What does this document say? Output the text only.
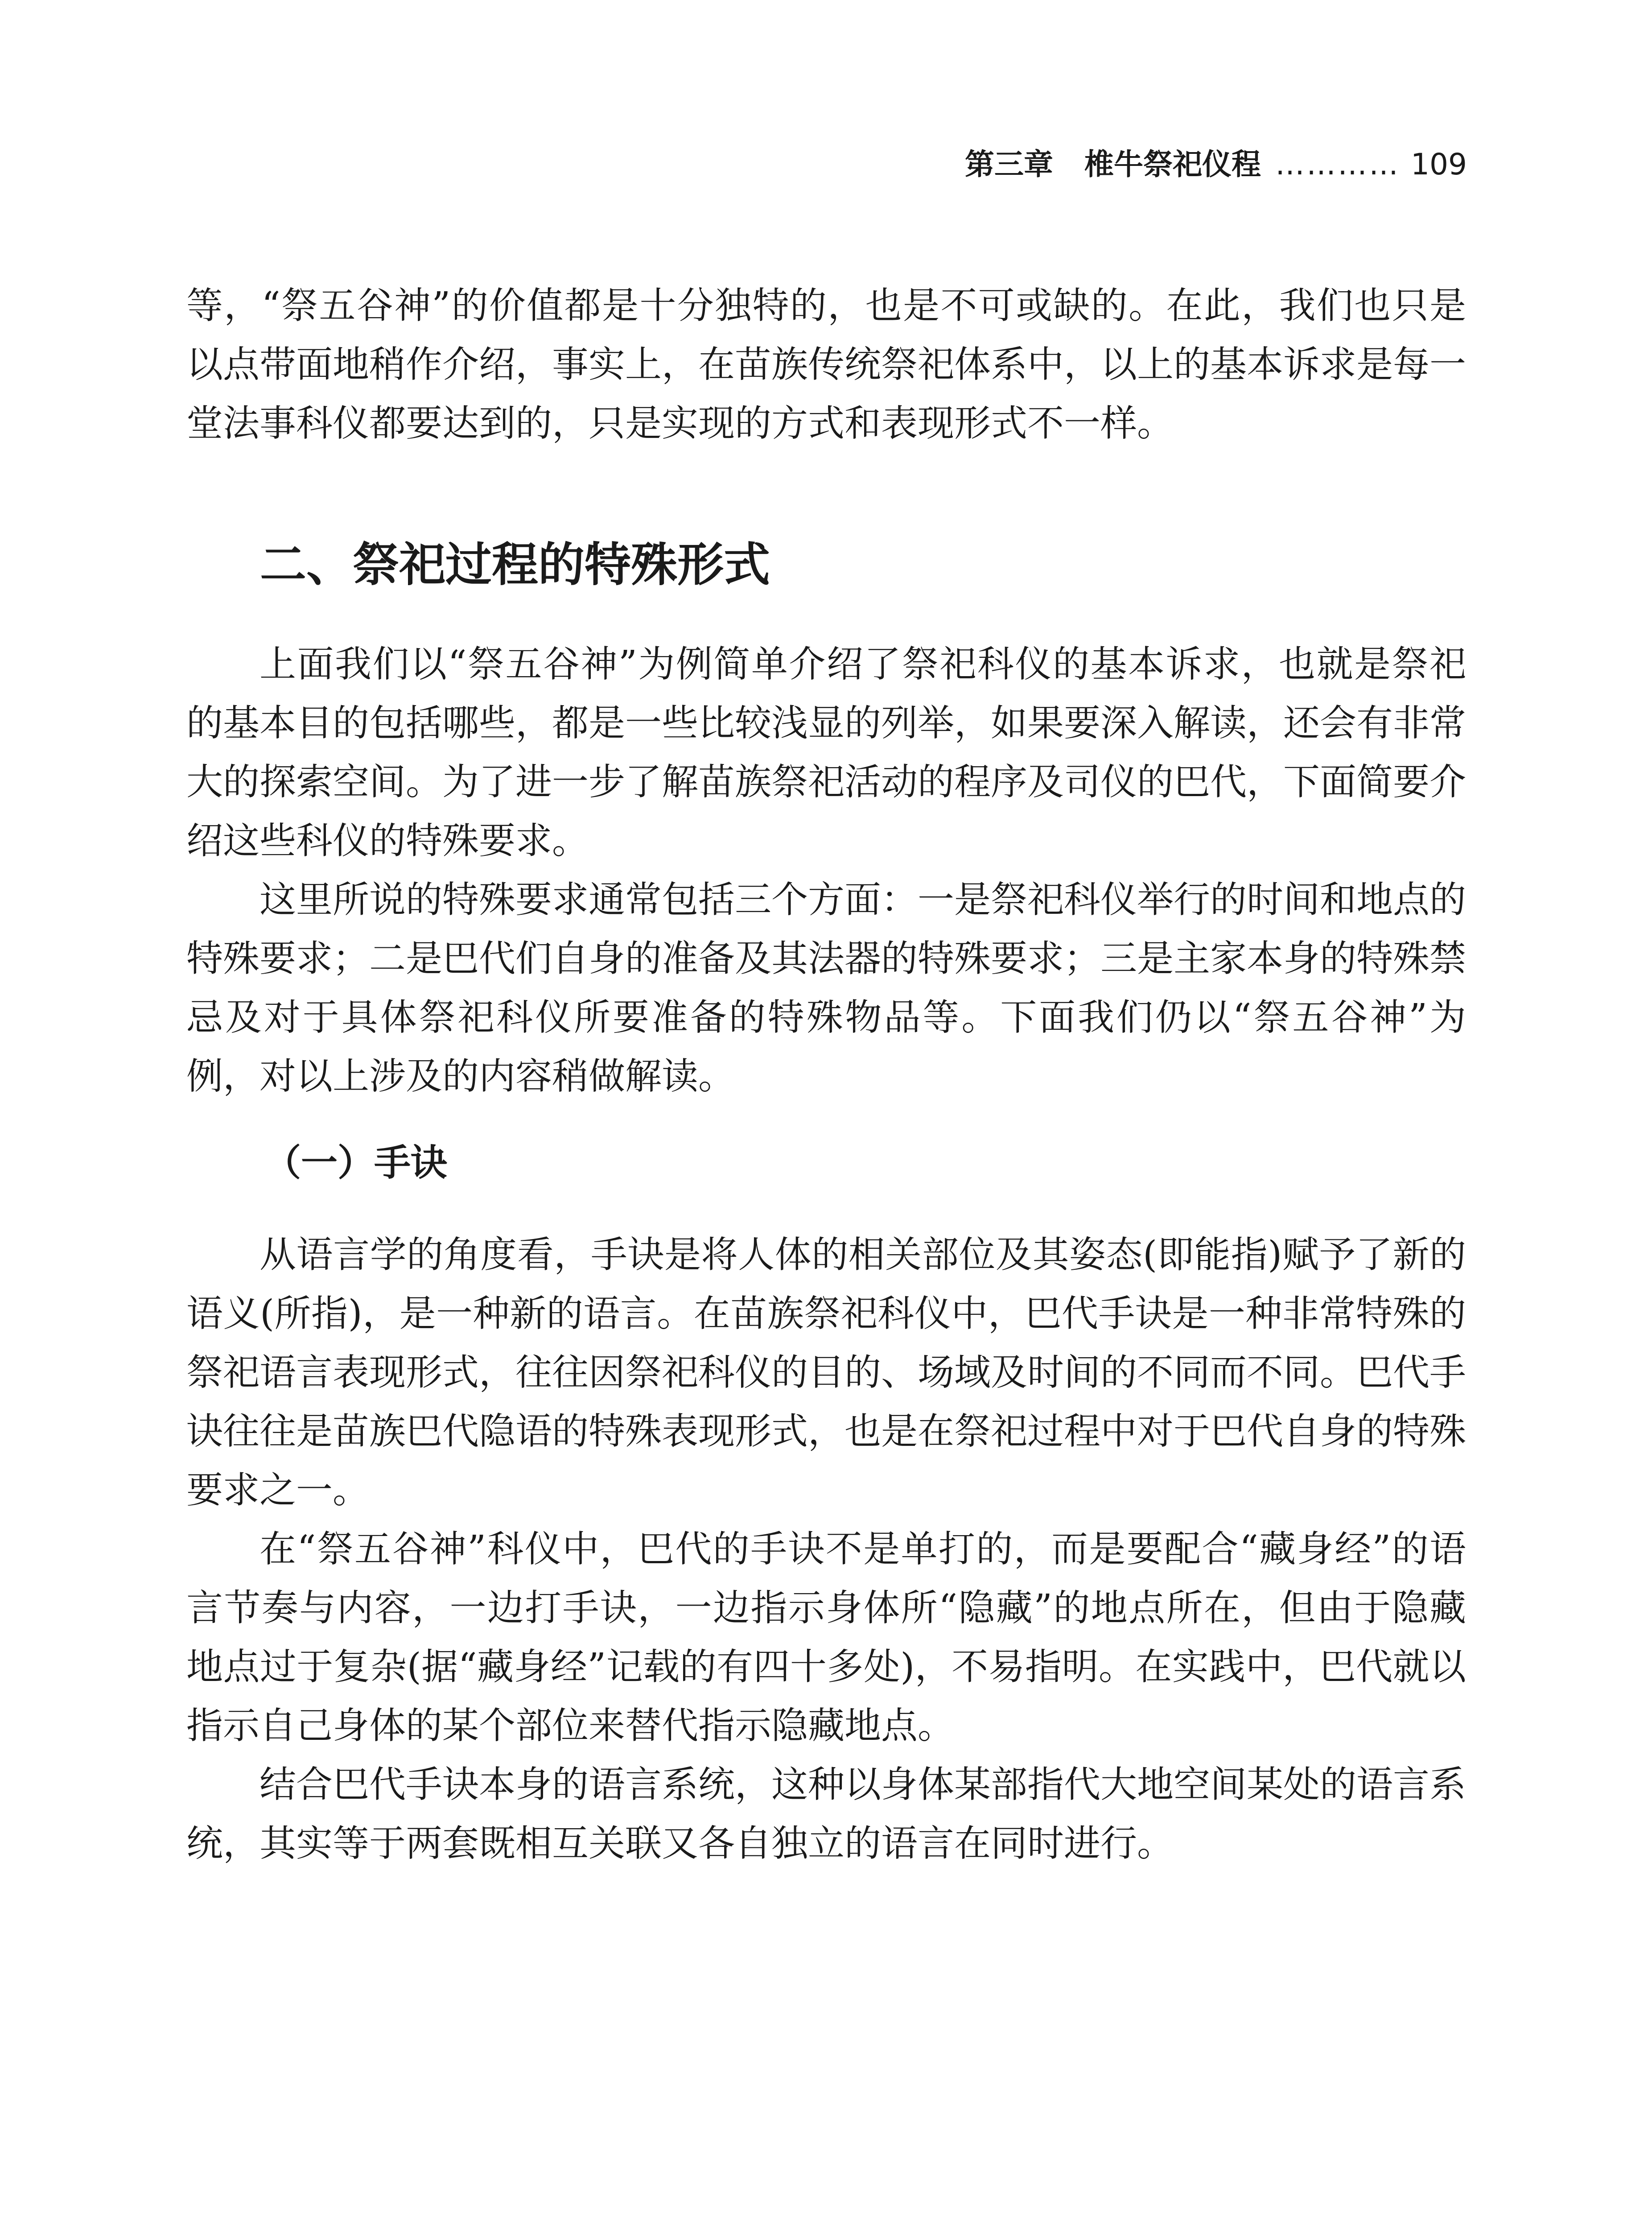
第三章 椎牛祭祀仪程 ………… 109

等，“祭五谷神”的价值都是十分独特的，也是不可或缺的。在此，我们也只是以点带面地稍作介绍，事实上，在苗族传统祭祀体系中，以上的基本诉求是每一堂法事科仪都要达到的，只是实现的方式和表现形式不一样。

二、祭祀过程的特殊形式

上面我们以“祭五谷神”为例简单介绍了祭祀科仪的基本诉求，也就是祭祀的基本目的包括哪些，都是一些比较浅显的列举，如果要深入解读，还会有非常大的探索空间。为了进一步了解苗族祭祀活动的程序及司仪的巴代，下面简要介绍这些科仪的特殊要求。

这里所说的特殊要求通常包括三个方面：一是祭祀科仪举行的时间和地点的特殊要求；二是巴代们自身的准备及其法器的特殊要求；三是主家本身的特殊禁忌及对于具体祭祀科仪所要准备的特殊物品等。下面我们仍以“祭五谷神”为例，对以上涉及的内容稍做解读。

（一）手诀

从语言学的角度看，手诀是将人体的相关部位及其姿态(即能指)赋予了新的语义(所指)，是一种新的语言。在苗族祭祀科仪中，巴代手诀是一种非常特殊的祭祀语言表现形式，往往因祭祀科仪的目的、场域及时间的不同而不同。巴代手诀往往是苗族巴代隐语的特殊表现形式，也是在祭祀过程中对于巴代自身的特殊要求之一。

在“祭五谷神”科仪中，巴代的手诀不是单打的，而是要配合“藏身经”的语言节奏与内容，一边打手诀，一边指示身体所“隐藏”的地点所在，但由于隐藏地点过于复杂(据“藏身经”记载的有四十多处)，不易指明。在实践中，巴代就以指示自己身体的某个部位来替代指示隐藏地点。

结合巴代手诀本身的语言系统，这种以身体某部指代大地空间某处的语言系统，其实等于两套既相互关联又各自独立的语言在同时进行。
